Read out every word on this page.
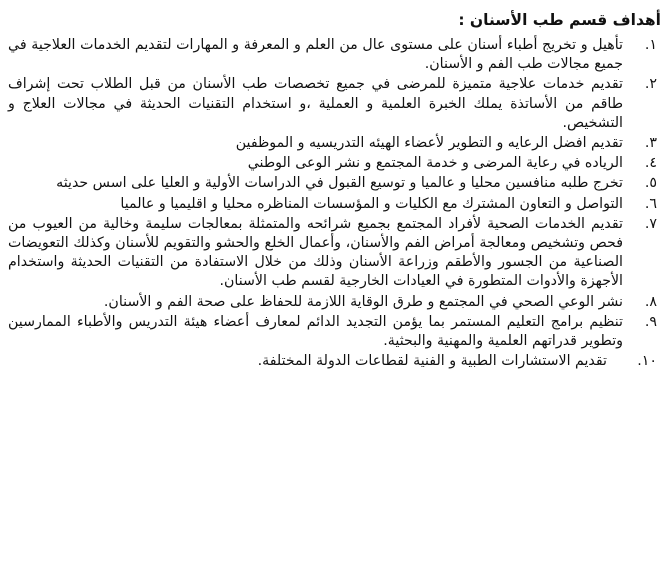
أهداف قسم طب الأسنان :
١.
تأهيل و تخريج أطباء أسنان على مستوى عال من العلم و المعرفة و المهارات لتقديم الخدمات العلاجية في جميع مجالات طب الفم و الأسنان.
٢.
تقديم خدمات علاجية متميزة للمرضى في جميع تخصصات طب الأسنان من قبل الطلاب تحت إشراف طاقم من الأساتذة يملك الخبرة العلمية و العملية ،و استخدام التقنيات الحديثة في مجالات العلاج و التشخيص.
٣.
تقديم افضل الرعايه و التطوير لأعضاء الهيئه التدريسيه و الموظفين
٤.
الرياده في رعاية المرضى و خدمة المجتمع و نشر الوعى الوطني
٥.
تخرج طلبه منافسين محليا و عالميا و توسيع القبول في الدراسات الأولية و العليا على اسس حديثه
٦.
التواصل و التعاون المشترك مع الكليات و المؤسسات المناظره محليا و اقليميا و عالميا
٧.
تقديم الخدمات الصحية لأفراد المجتمع بجميع شرائحه والمتمثلة بمعالجات سليمة وخالية من العيوب من فحص وتشخيص ومعالجة أمراض الفم والأسنان، وأعمال الخلع والحشو والتقويم للأسنان وكذلك التعويضات الصناعية من الجسور والأطقم وزراعة الأسنان وذلك من خلال الاستفادة من التقنيات الحديثة واستخدام الأجهزة والأدوات المتطورة في العيادات الخارجية لقسم طب الأسنان.
٨.
نشر الوعي الصحي في المجتمع و طرق الوقاية اللازمة للحفاظ على صحة الفم و الأسنان.
٩.
تنظيم برامج التعليم المستمر بما يؤمن التجديد الدائم لمعارف أعضاء هيئة التدريس والأطباء الممارسين وتطوير قدراتهم العلمية والمهنية والبحثية.
١٠.
تقديم الاستشارات الطبية و الفنية لقطاعات الدولة المختلفة.
